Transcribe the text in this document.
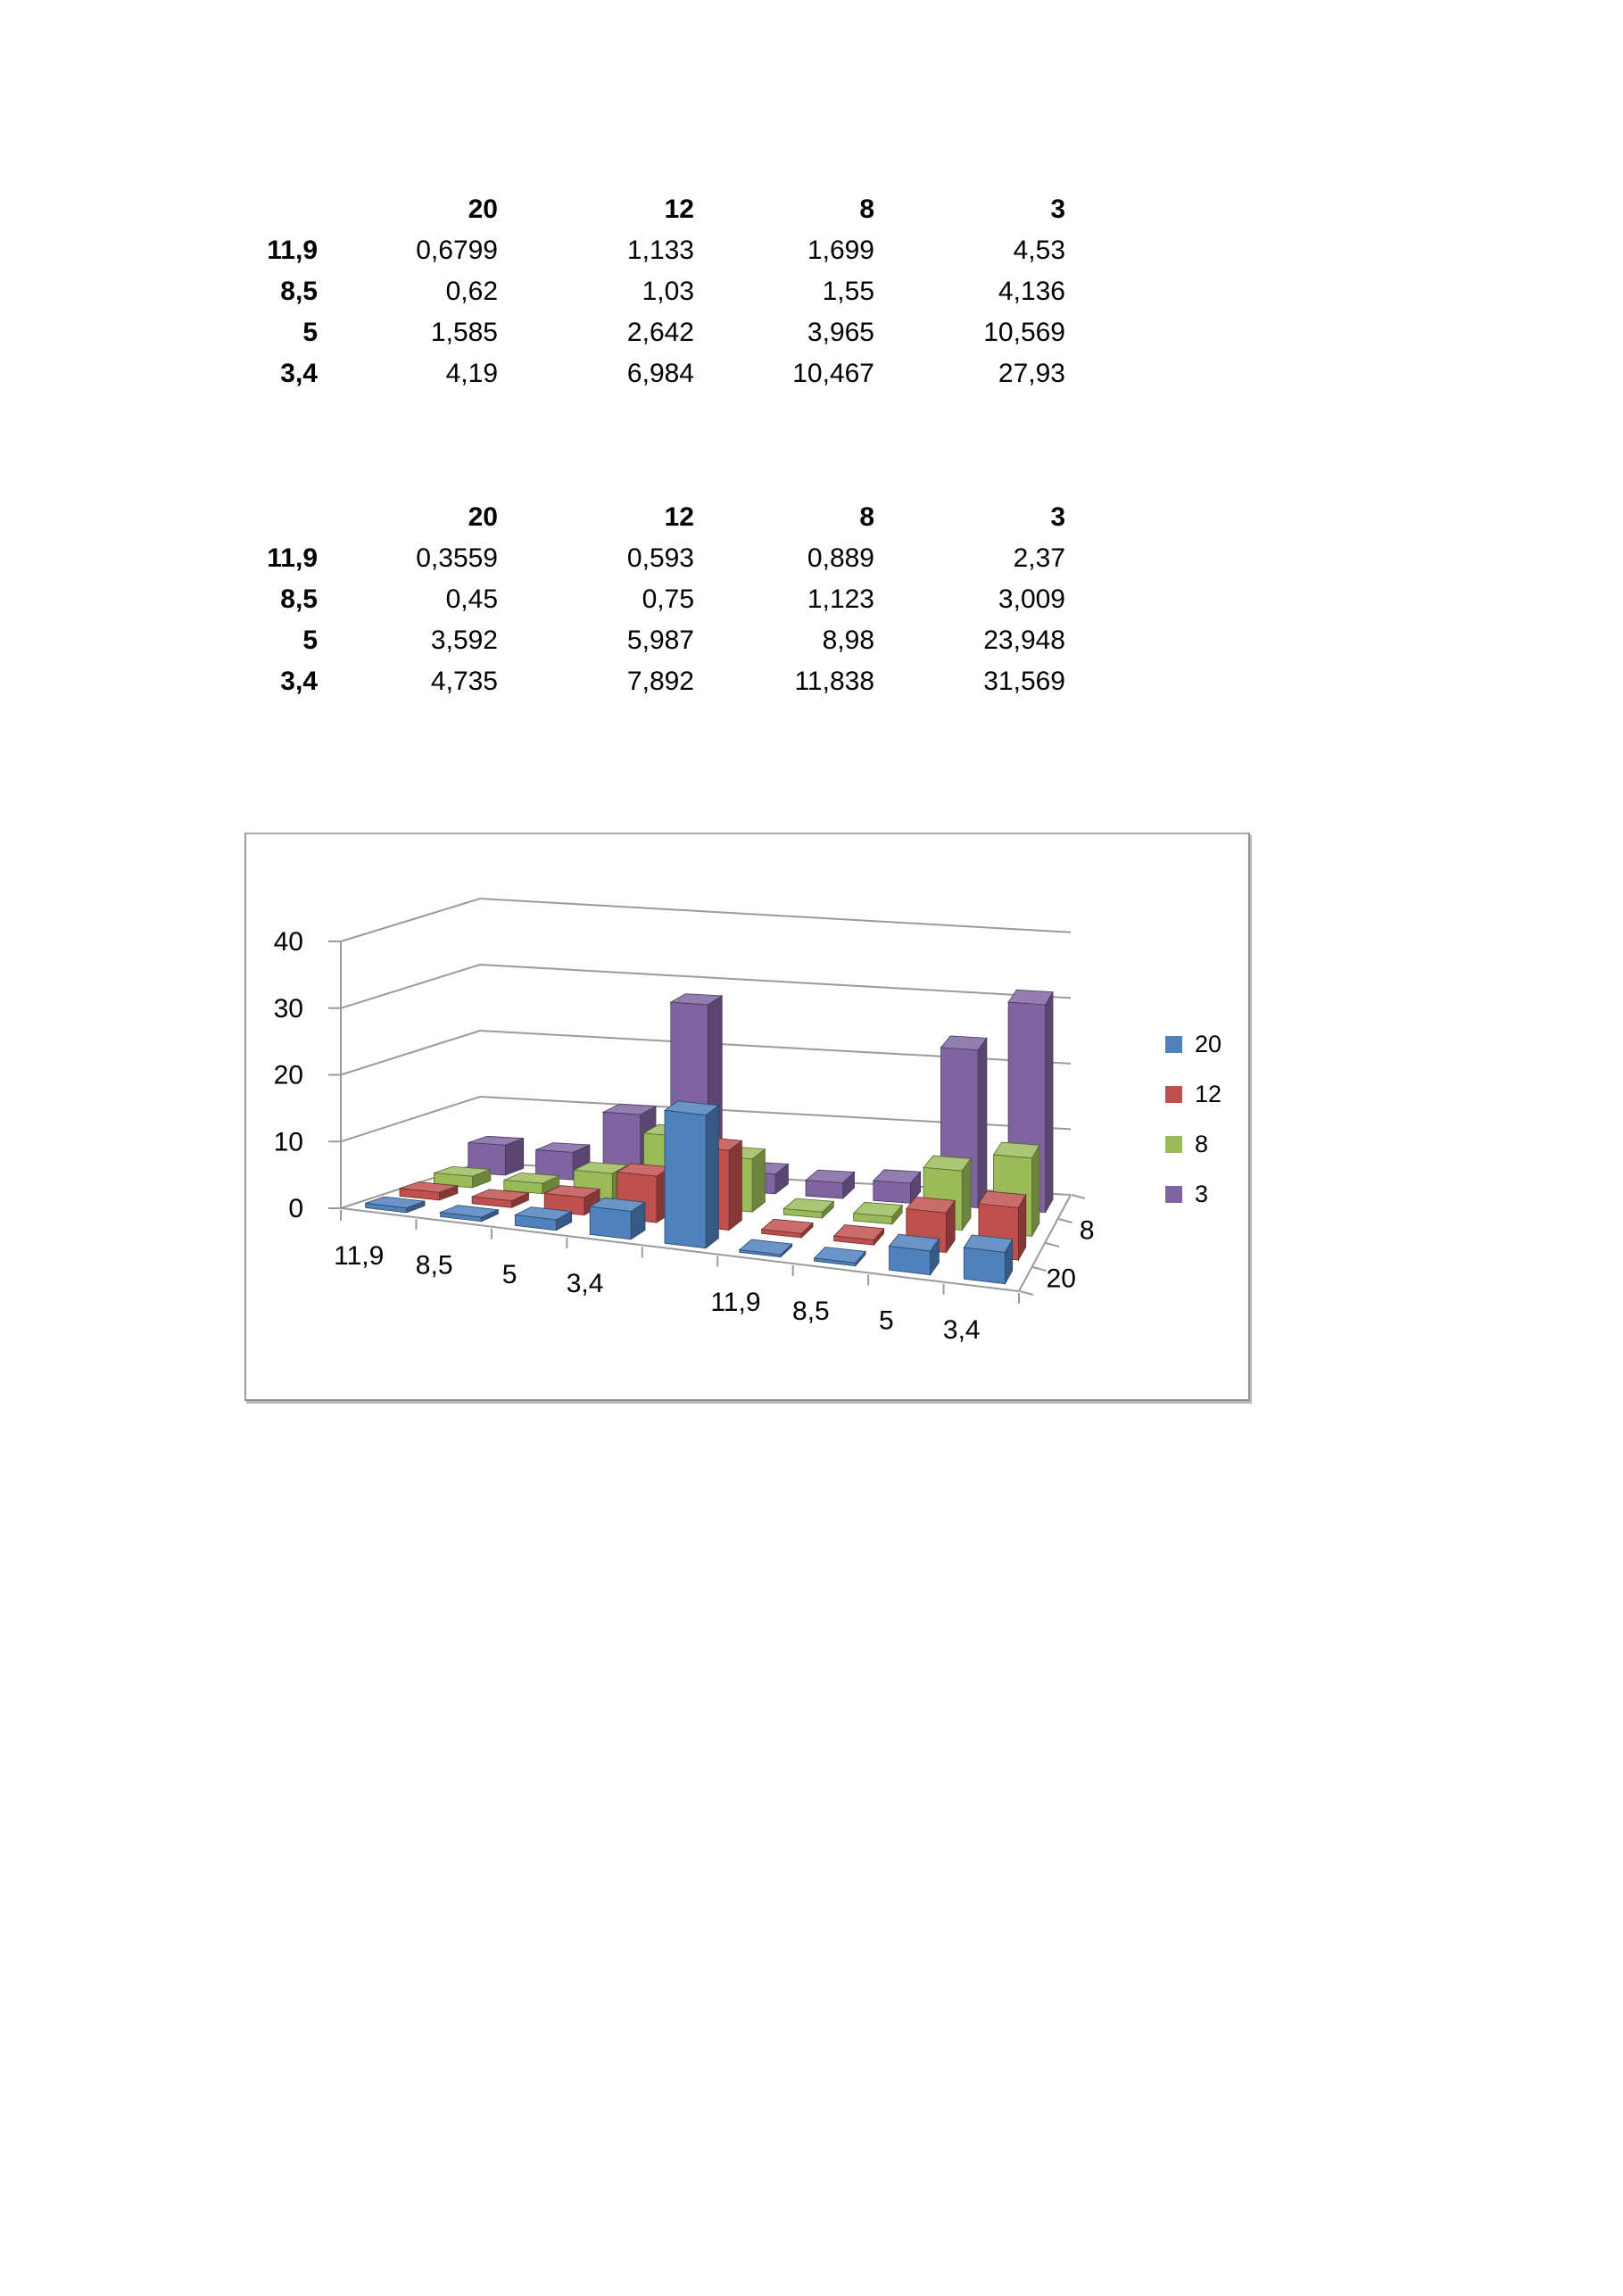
	20	12	8	3
11,9	0,6799	1,133	1,699	4,53
8,5	0,62	1,03	1,55	4,136
5	1,585	2,642	3,965	10,569
3,4	4,19	6,984	10,467	27,93
	20	12	8	3
11,9	0,3559	0,593	0,889	2,37
8,5	0,45	0,75	1,123	3,009
5	3,592	5,987	8,98	23,948
3,4	4,735	7,892	11,838	31,569
0
10
20
30
40
11,9 8,5 5 3,4
11,9 8,5 5 3,4
20
8
20
12
8
3
